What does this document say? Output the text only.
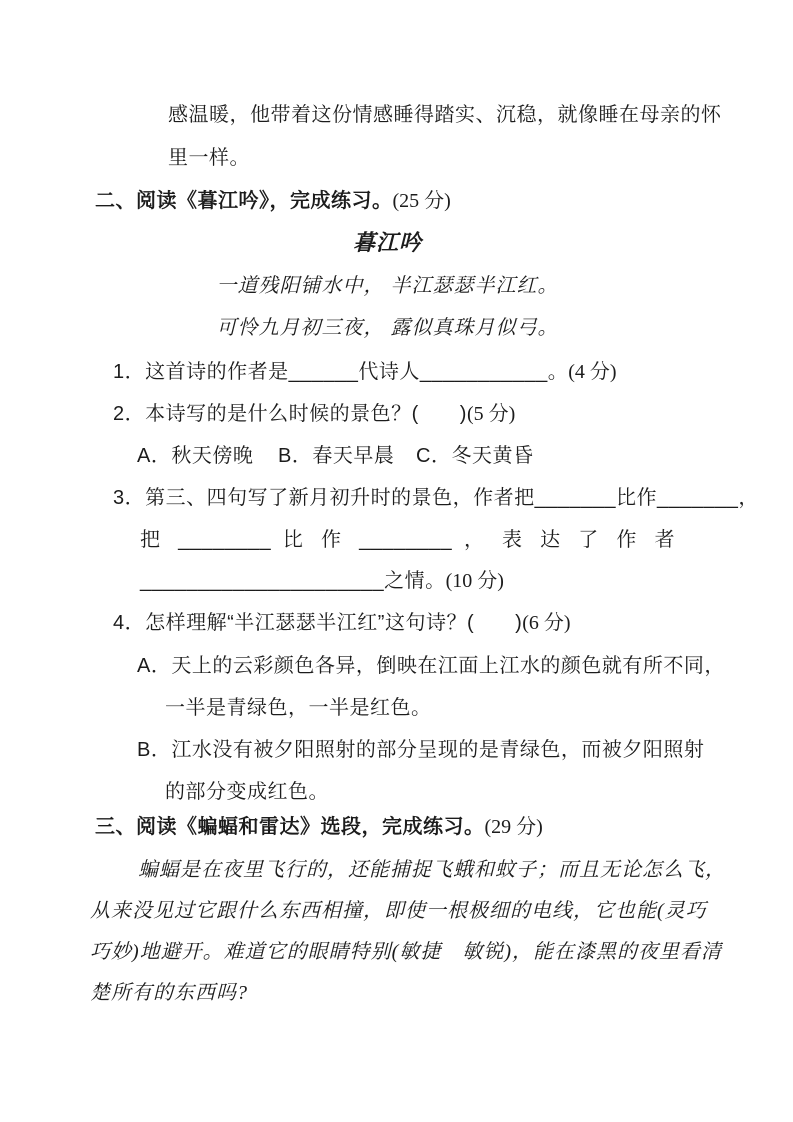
感温暖，他带着这份情感睡得踏实、沉稳，就像睡在母亲的怀
里一样。
二、阅读《暮江吟》，完成练习。(25 分)
暮江吟
一道残阳铺水中， 半江瑟瑟半江红。
可怜九月初三夜， 露似真珠月似弓。
1．这首诗的作者是______代诗人___________。(4 分)
2．本诗写的是什么时候的景色？(　　)(5 分)
A．秋天傍晚 B．春天早晨 C．冬天黄昏
3．第三、四句写了新月初升时的景色，作者把_______比作_______，
把 ________ 比 作 ________ ， 表 达 了 作 者
_____________________之情。(10 分)
4．怎样理解“半江瑟瑟半江红”这句诗？(　　)(6 分)
A．天上的云彩颜色各异，倒映在江面上江水的颜色就有所不同，
一半是青绿色，一半是红色。
B．江水没有被夕阳照射的部分呈现的是青绿色，而被夕阳照射
的部分变成红色。
三、阅读《蝙蝠和雷达》选段，完成练习。(29 分)
蝙蝠是在夜里飞行的，还能捕捉飞蛾和蚊子；而且无论怎么飞，
从来没见过它跟什么东西相撞，即使一根极细的电线，它也能(灵巧
巧妙)地避开。难道它的眼睛特别(敏捷　敏锐)，能在漆黑的夜里看清
楚所有的东西吗?
